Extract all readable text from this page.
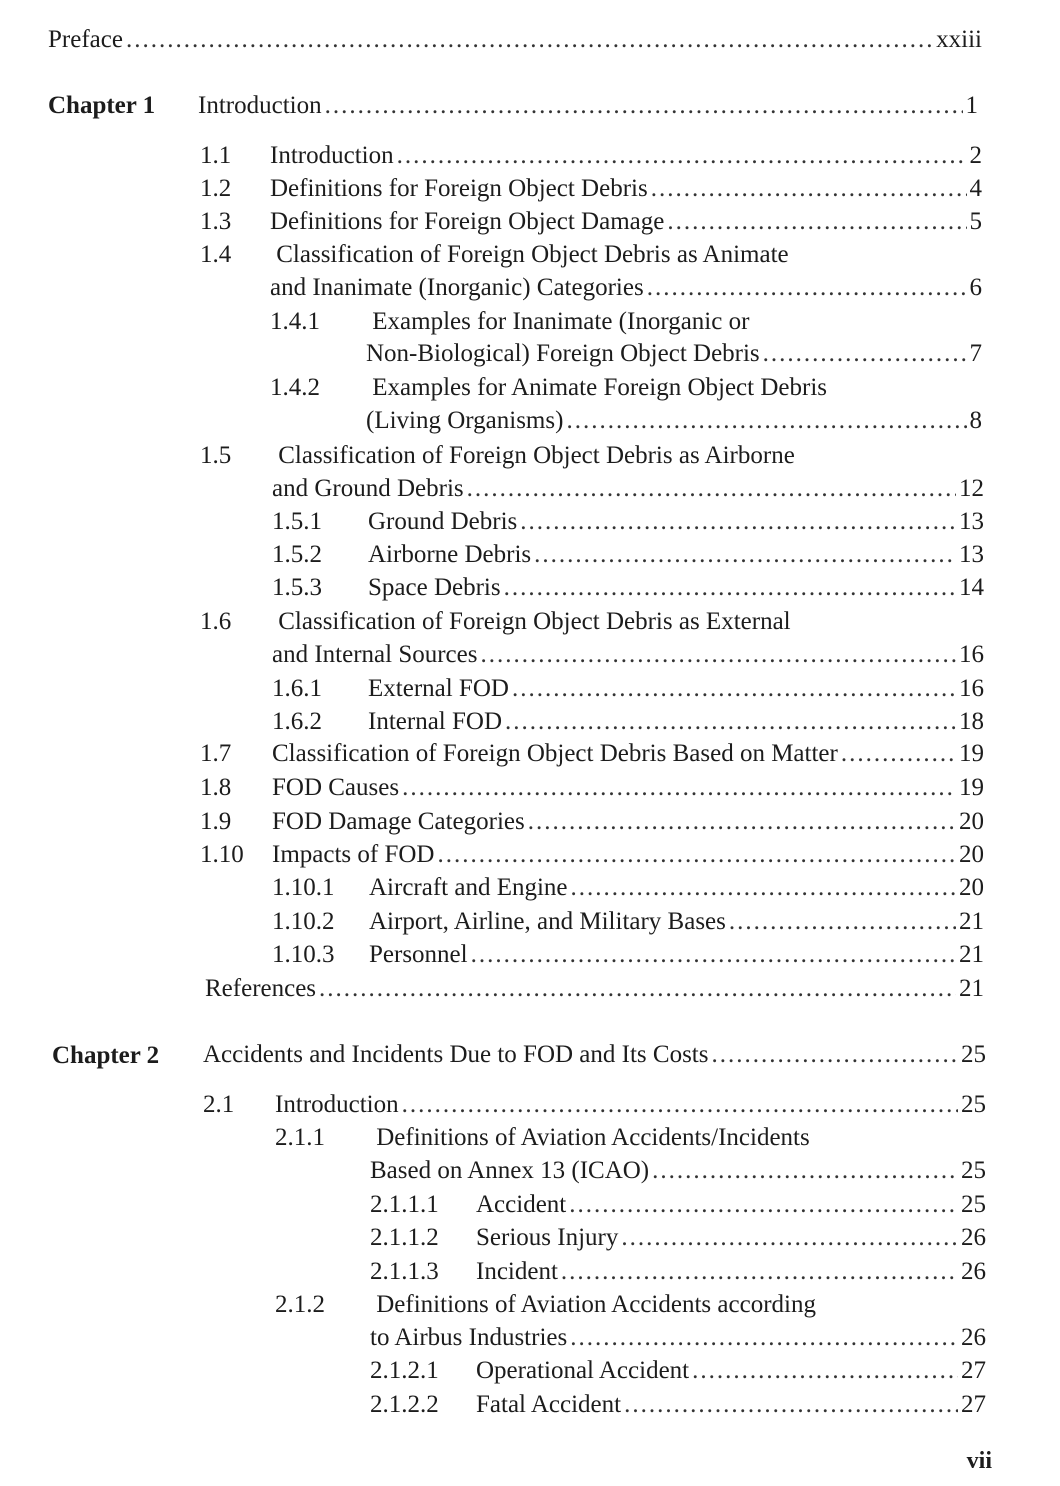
Preface .....	xxiii
Chapter 1 Introduction .....	1
1.1	Introduction .....	2
1.2	Definitions for Foreign Object Debris .....	4
1.3	Definitions for Foreign Object Damage .....	5
1.4 Classification of Foreign Object Debris as Animate
and Inanimate (Inorganic) Categories .....	6
1.4.1 Examples for Inanimate (Inorganic or
Non-Biological) Foreign Object Debris .....	7
1.4.2 Examples for Animate Foreign Object Debris
(Living Organisms) .....	8
1.5 Classification of Foreign Object Debris as Airborne
and Ground Debris .....	12
1.5.1	Ground Debris .....	13
1.5.2	Airborne Debris .....	13
1.5.3	Space Debris .....	14
1.6 Classification of Foreign Object Debris as External
and Internal Sources .....	16
1.6.1	External FOD .....	16
1.6.2	Internal FOD .....	18
1.7	Classification of Foreign Object Debris Based on Matter .....	19
1.8	FOD Causes .....	19
1.9	FOD Damage Categories .....	20
1.10	Impacts of FOD .....	20
1.10.1	Aircraft and Engine .....	20
1.10.2	Airport, Airline, and Military Bases .....	21
1.10.3	Personnel .....	21
References .....	21
Chapter 2 Accidents and Incidents Due to FOD and Its Costs .....	25
2.1	Introduction .....	25
2.1.1 Definitions of Aviation Accidents/Incidents
Based on Annex 13 (ICAO) .....	25
2.1.1.1	Accident .....	25
2.1.1.2	Serious Injury .....	26
2.1.1.3	Incident .....	26
2.1.2 Definitions of Aviation Accidents according
to Airbus Industries .....	26
2.1.2.1	Operational Accident .....	27
2.1.2.2	Fatal Accident .....	27
vii
